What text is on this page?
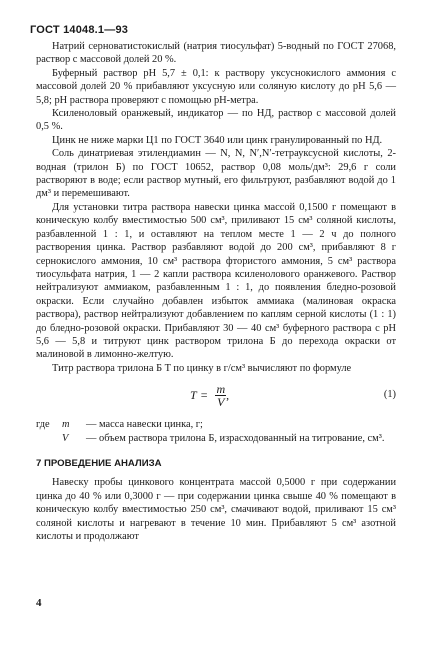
ГОСТ 14048.1—93

Натрий серноватистокислый (натрия тиосульфат) 5-водный по ГОСТ 27068, раствор с массовой долей 20 %.

Буферный раствор рН 5,7 ± 0,1: к раствору уксуснокислого аммония с массовой долей 20 % прибавляют уксусную или соляную кислоту до рН 5,6 — 5,8; рН раствора проверяют с помощью рН-метра.

Ксиленоловый оранжевый, индикатор — по НД, раствор с массовой долей 0,5 %.

Цинк не ниже марки Ц1 по ГОСТ 3640 или цинк гранулированный по НД.

Соль динатриевая этилендиамин — N, N, N′,N′-тетрауксусной кислоты, 2-водная (трилон Б) по ГОСТ 10652, раствор 0,08 моль/дм³: 29,6 г соли растворяют в воде; если раствор мутный, его фильтруют, разбавляют водой до 1 дм³ и перемешивают.

Для установки титра раствора навески цинка массой 0,1500 г помещают в коническую колбу вместимостью 500 см³, приливают 15 см³ соляной кислоты, разбавленной 1 : 1, и оставляют на теплом месте 1 — 2 ч до полного растворения цинка. Раствор разбавляют водой до 200 см³, прибавляют 8 г сернокислого аммония, 10 см³ раствора фтористого аммония, 5 см³ раствора тиосульфата натрия, 1 — 2 капли раствора ксиленолового оранжевого. Раствор нейтрализуют аммиаком, разбавленным 1 : 1, до появления бледно-розовой окраски. Если случайно добавлен избыток аммиака (малиновая окраска раствора), раствор нейтрализуют добавлением по каплям серной кислоты (1 : 1) до бледно-розовой окраски. Прибавляют 30 — 40 см³ буферного раствора с рН 5,6 — 5,8 и титруют цинк раствором трилона Б до перехода окраски от малиновой в лимонно-желтую.

Титр раствора трилона Б T по цинку в г/см³ вычисляют по формуле

$T = \frac{m}{V}$ ,	(1)
где	m	— масса навески цинка, г;
V	— объем раствора трилона Б, израсходованный на титрование, см³.
7 ПРОВЕДЕНИЕ АНАЛИЗА

Навеску пробы цинкового концентрата массой 0,5000 г при содержании цинка до 40 % или 0,3000 г — при содержании цинка свыше 40 % помещают в коническую колбу вместимостью 250 см³, смачивают водой, приливают 15 см³ соляной кислоты и нагревают в течение 10 мин. Прибавляют 5 см³ азотной кислоты и продолжают

4
